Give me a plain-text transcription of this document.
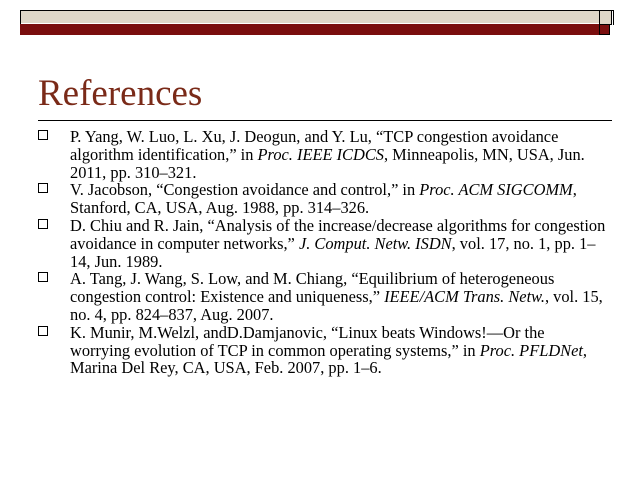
References
P. Yang, W. Luo, L. Xu, J. Deogun, and Y. Lu, “TCP congestion avoidance algorithm identification,” in Proc. IEEE ICDCS, Minneapolis, MN, USA, Jun. 2011, pp. 310–321.
V. Jacobson, “Congestion avoidance and control,” in Proc. ACM SIGCOMM, Stanford, CA, USA, Aug. 1988, pp. 314–326.
D. Chiu and R. Jain, “Analysis of the increase/decrease algorithms for congestion avoidance in computer networks,” J. Comput. Netw. ISDN, vol. 17, no. 1, pp. 1–14, Jun. 1989.
A. Tang, J. Wang, S. Low, and M. Chiang, “Equilibrium of heterogeneous congestion control: Existence and uniqueness,” IEEE/ACM Trans. Netw., vol. 15, no. 4, pp. 824–837, Aug. 2007.
K. Munir, M.Welzl, andD.Damjanovic, “Linux beats Windows!—Or the worrying evolution of TCP in common operating systems,” in Proc. PFLDNet, Marina Del Rey, CA, USA, Feb. 2007, pp. 1–6.
